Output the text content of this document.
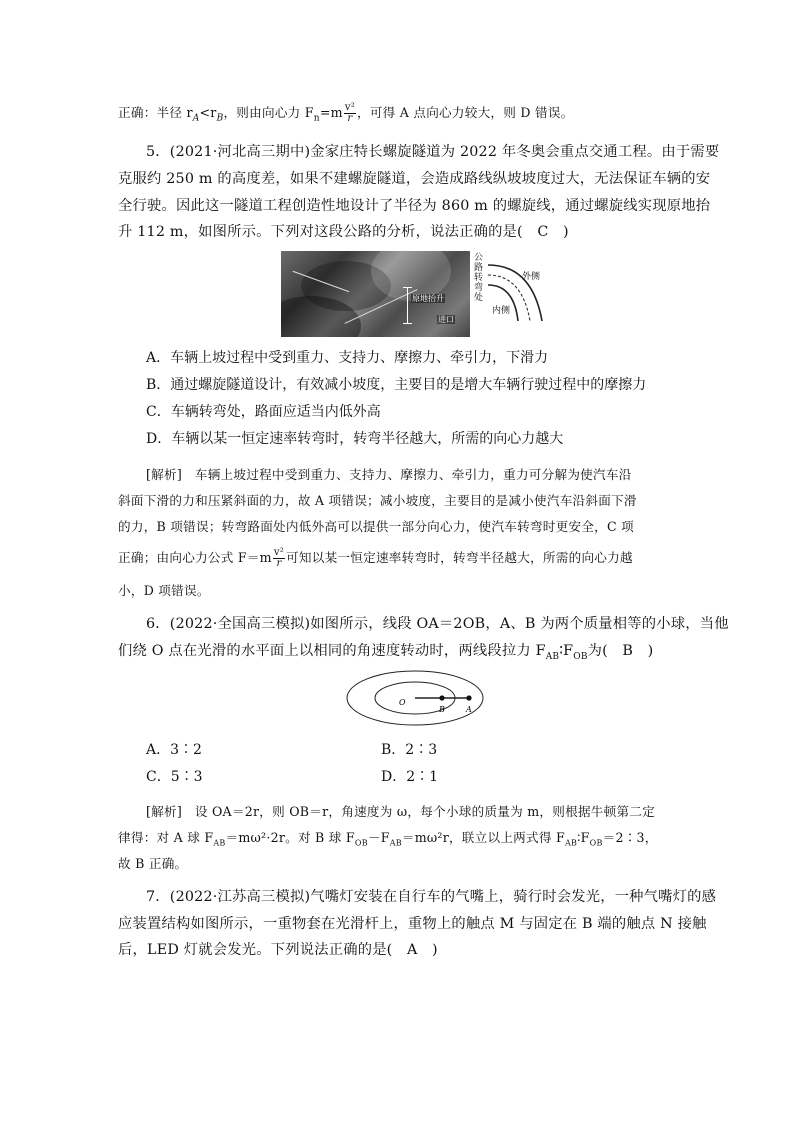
正确：半径 $r_A<r_B$，则由向心力 $F_n=m \frac{\text{v²}}{r}$ ，可得 A 点向心力较大，则 D 错误。
5．(2021·河北高三期中)金家庄特长螺旋隧道为 2022 年冬奥会重点交通工程。由于需要
克服约 250 m 的高度差，如果不建螺旋隧道，会造成路线纵坡坡度过大，无法保证车辆的安
全行驶。因此这一隧道工程创造性地设计了半径为 860 m 的螺旋线，通过螺旋线实现原地抬
升 112 m，如图所示。下列对这段公路的分析，说法正确的是(　C　)
原地抬升
进口
公路转弯处
外侧
内侧
A．车辆上坡过程中受到重力、支持力、摩擦力、牵引力，下滑力
B．通过螺旋隧道设计，有效减小坡度，主要目的是增大车辆行驶过程中的摩擦力
C．车辆转弯处，路面应适当内低外高
D．车辆以某一恒定速率转弯时，转弯半径越大，所需的向心力越大
[解析]　车辆上坡过程中受到重力、支持力、摩擦力、牵引力，重力可分解为使汽车沿
斜面下滑的力和压紧斜面的力，故 A 项错误；减小坡度，主要目的是减小使汽车沿斜面下滑
的力，B 项错误；转弯路面处内低外高可以提供一部分向心力，使汽车转弯时更安全，C 项
正确；由向心力公式 $F=m \frac{\text{v²}}{r}$ 可知以某一恒定速率转弯时，转弯半径越大，所需的向心力越
小，D 项错误。
6．(2022·全国高三模拟)如图所示，线段 OA＝2OB，A、B 为两个质量相等的小球，当他
们绕 O 点在光滑的水平面上以相同的角速度转动时，两线段拉力 $F_{AB}∶F_{OB}$为(　B　)
O
B	A
A．3∶2	B．2∶3
C．5∶3	D．2∶1
[解析]　设 OA＝2r，则 OB＝r，角速度为 ω，每个小球的质量为 m，则根据牛顿第二定
律得：对 A 球 $F_{AB}=m\omega^2\cdot 2r$。对 B 球 $F_{OB}-F_{AB}=m\omega^2r$，联立以上两式得 $F_{AB}∶F_{OB}=2∶3$，
故 B 正确。
7．(2022·江苏高三模拟)气嘴灯安装在自行车的气嘴上，骑行时会发光，一种气嘴灯的感
应装置结构如图所示，一重物套在光滑杆上，重物上的触点 M 与固定在 B 端的触点 N 接触
后，LED 灯就会发光。下列说法正确的是(　A　)
